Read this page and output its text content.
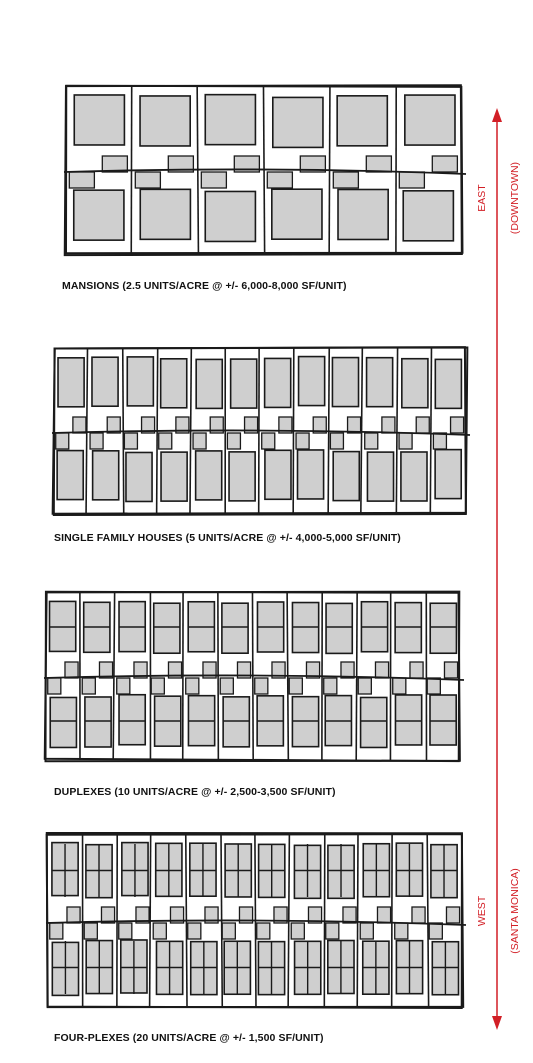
MANSIONS (2.5 UNITS/ACRE @ +/- 6,000-8,000 SF/UNIT)
SINGLE FAMILY HOUSES (5 UNITS/ACRE @ +/- 4,000-5,000 SF/UNIT)
DUPLEXES (10 UNITS/ACRE @ +/- 2,500-3,500 SF/UNIT)
FOUR-PLEXES (20 UNITS/ACRE @ +/- 1,500 SF/UNIT)
EAST (DOWNTOWN)
WEST (SANTA MONICA)
